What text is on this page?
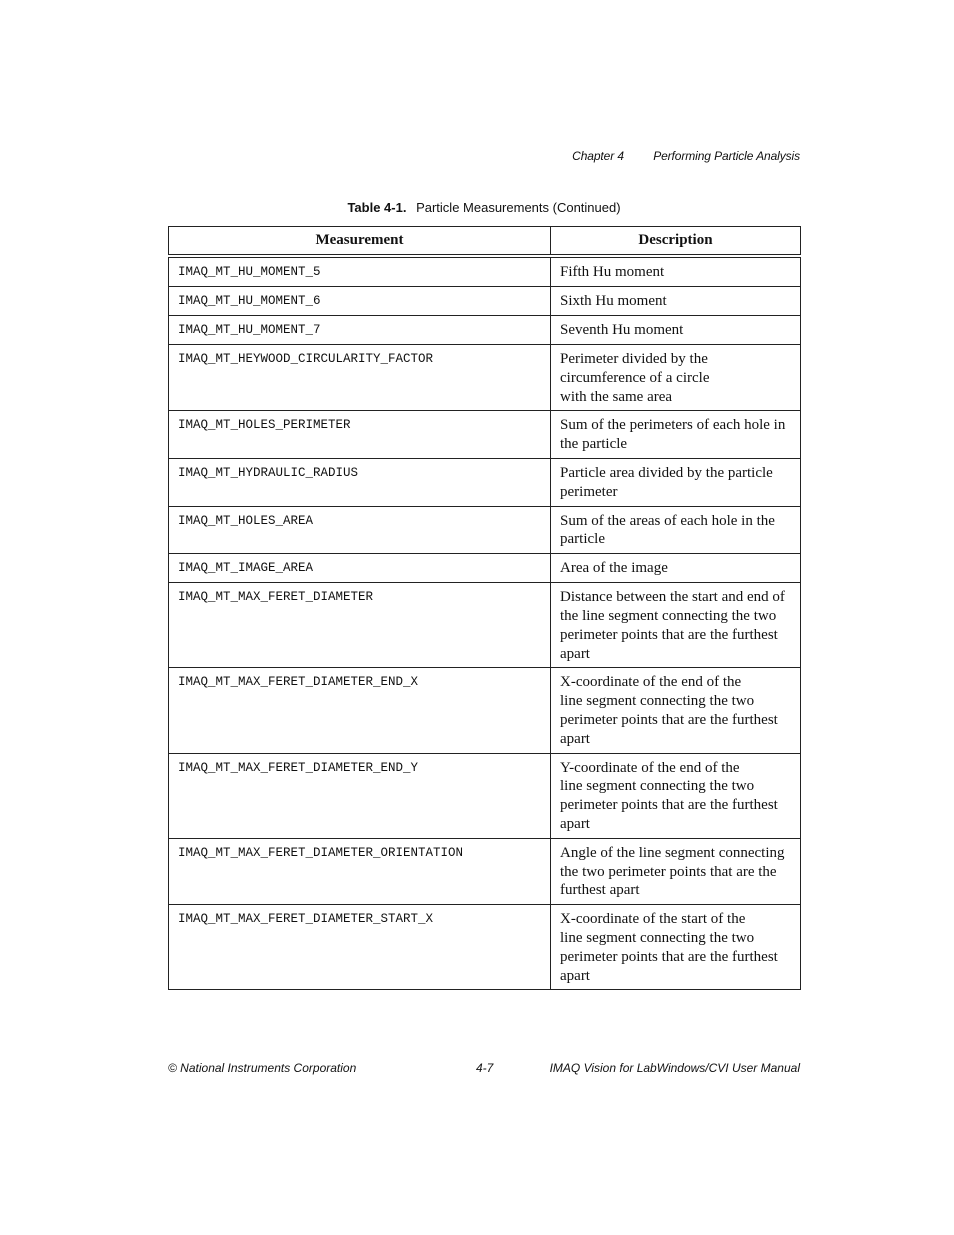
Chapter 4 Performing Particle Analysis
Table 4-1. Particle Measurements (Continued)
Measurement	Description
IMAQ_MT_HU_MOMENT_5	Fifth Hu moment
IMAQ_MT_HU_MOMENT_6	Sixth Hu moment
IMAQ_MT_HU_MOMENT_7	Seventh Hu moment
IMAQ_MT_HEYWOOD_CIRCULARITY_FACTOR	Perimeter divided by the
circumference of a circle
with the same area
IMAQ_MT_HOLES_PERIMETER	Sum of the perimeters of each hole in
the particle
IMAQ_MT_HYDRAULIC_RADIUS	Particle area divided by the particle
perimeter
IMAQ_MT_HOLES_AREA	Sum of the areas of each hole in the
particle
IMAQ_MT_IMAGE_AREA	Area of the image
IMAQ_MT_MAX_FERET_DIAMETER	Distance between the start and end of
the line segment connecting the two
perimeter points that are the furthest
apart
IMAQ_MT_MAX_FERET_DIAMETER_END_X	X-coordinate of the end of the
line segment connecting the two
perimeter points that are the furthest
apart
IMAQ_MT_MAX_FERET_DIAMETER_END_Y	Y-coordinate of the end of the
line segment connecting the two
perimeter points that are the furthest
apart
IMAQ_MT_MAX_FERET_DIAMETER_ORIENTATION	Angle of the line segment connecting
the two perimeter points that are the
furthest apart
IMAQ_MT_MAX_FERET_DIAMETER_START_X	X-coordinate of the start of the
line segment connecting the two
perimeter points that are the furthest
apart
© National Instruments Corporation	4-7	IMAQ Vision for LabWindows/CVI User Manual
